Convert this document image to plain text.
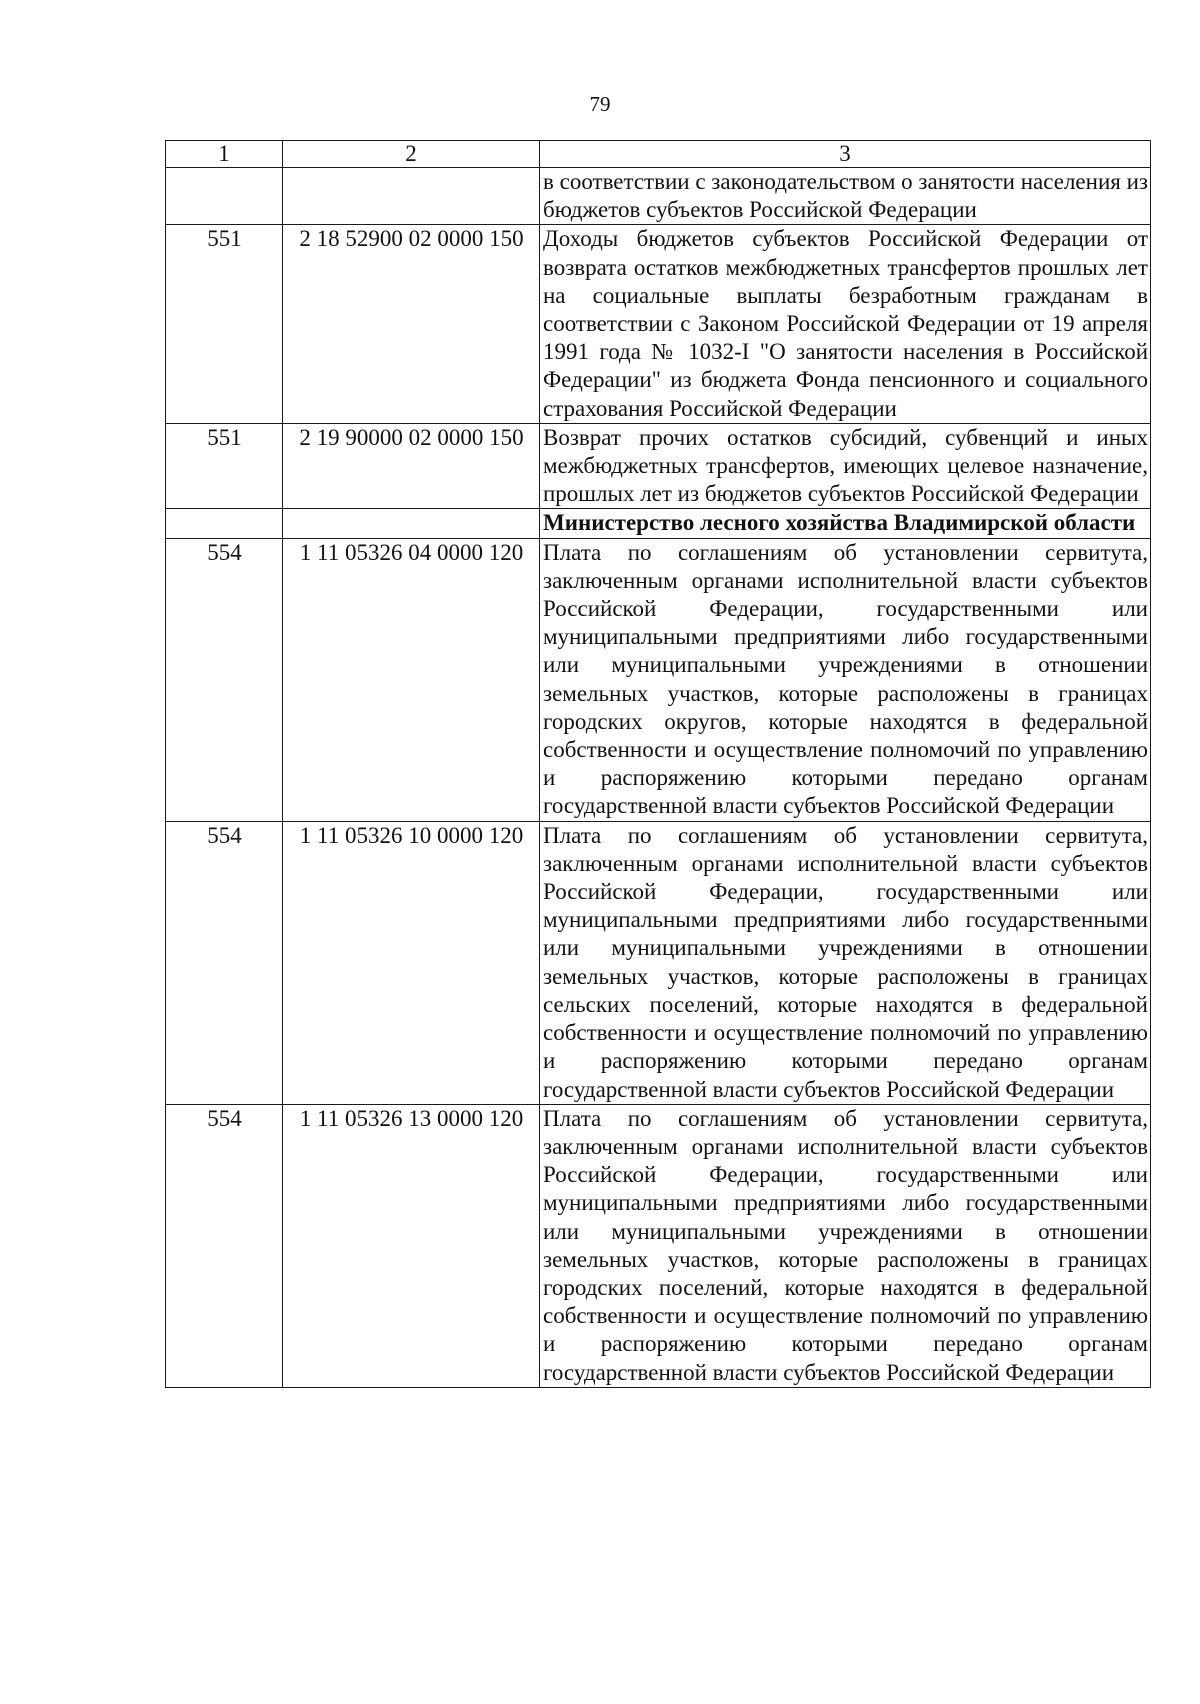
79
1	2	3
		в соответствии с законодательством о занятости населения из бюджетов субъектов Российской Федерации
551	2 18 52900 02 0000 150	Доходы бюджетов субъектов Российской Федерации от возврата остатков межбюджетных трансфертов прошлых лет на социальные выплаты безработным гражданам в соответствии с Законом Российской Федерации от 19 апреля 1991 года № 1032-I "О занятости населения в Российской Федерации" из бюджета Фонда пенсионного и социального страхования Российской Федерации
551	2 19 90000 02 0000 150	Возврат прочих остатков субсидий, субвенций и иных межбюджетных трансфертов, имеющих целевое назначение, прошлых лет из бюджетов субъектов Российской Федерации
		Министерство лесного хозяйства Владимирской области
554	1 11 05326 04 0000 120	Плата по соглашениям об установлении сервитута, заключенным органами исполнительной власти субъектов Российской Федерации, государственными или муниципальными предприятиями либо государственными или муниципальными учреждениями в отношении земельных участков, которые расположены в границах городских округов, которые находятся в федеральной собственности и осуществление полномочий по управлению и распоряжению которыми передано органам государственной власти субъектов Российской Федерации
554	1 11 05326 10 0000 120	Плата по соглашениям об установлении сервитута, заключенным органами исполнительной власти субъектов Российской Федерации, государственными или муниципальными предприятиями либо государственными или муниципальными учреждениями в отношении земельных участков, которые расположены в границах сельских поселений, которые находятся в федеральной собственности и осуществление полномочий по управлению и распоряжению которыми передано органам государственной власти субъектов Российской Федерации
554	1 11 05326 13 0000 120	Плата по соглашениям об установлении сервитута, заключенным органами исполнительной власти субъектов Российской Федерации, государственными или муниципальными предприятиями либо государственными или муниципальными учреждениями в отношении земельных участков, которые расположены в границах городских поселений, которые находятся в федеральной собственности и осуществление полномочий по управлению и распоряжению которыми передано органам государственной власти субъектов Российской Федерации
